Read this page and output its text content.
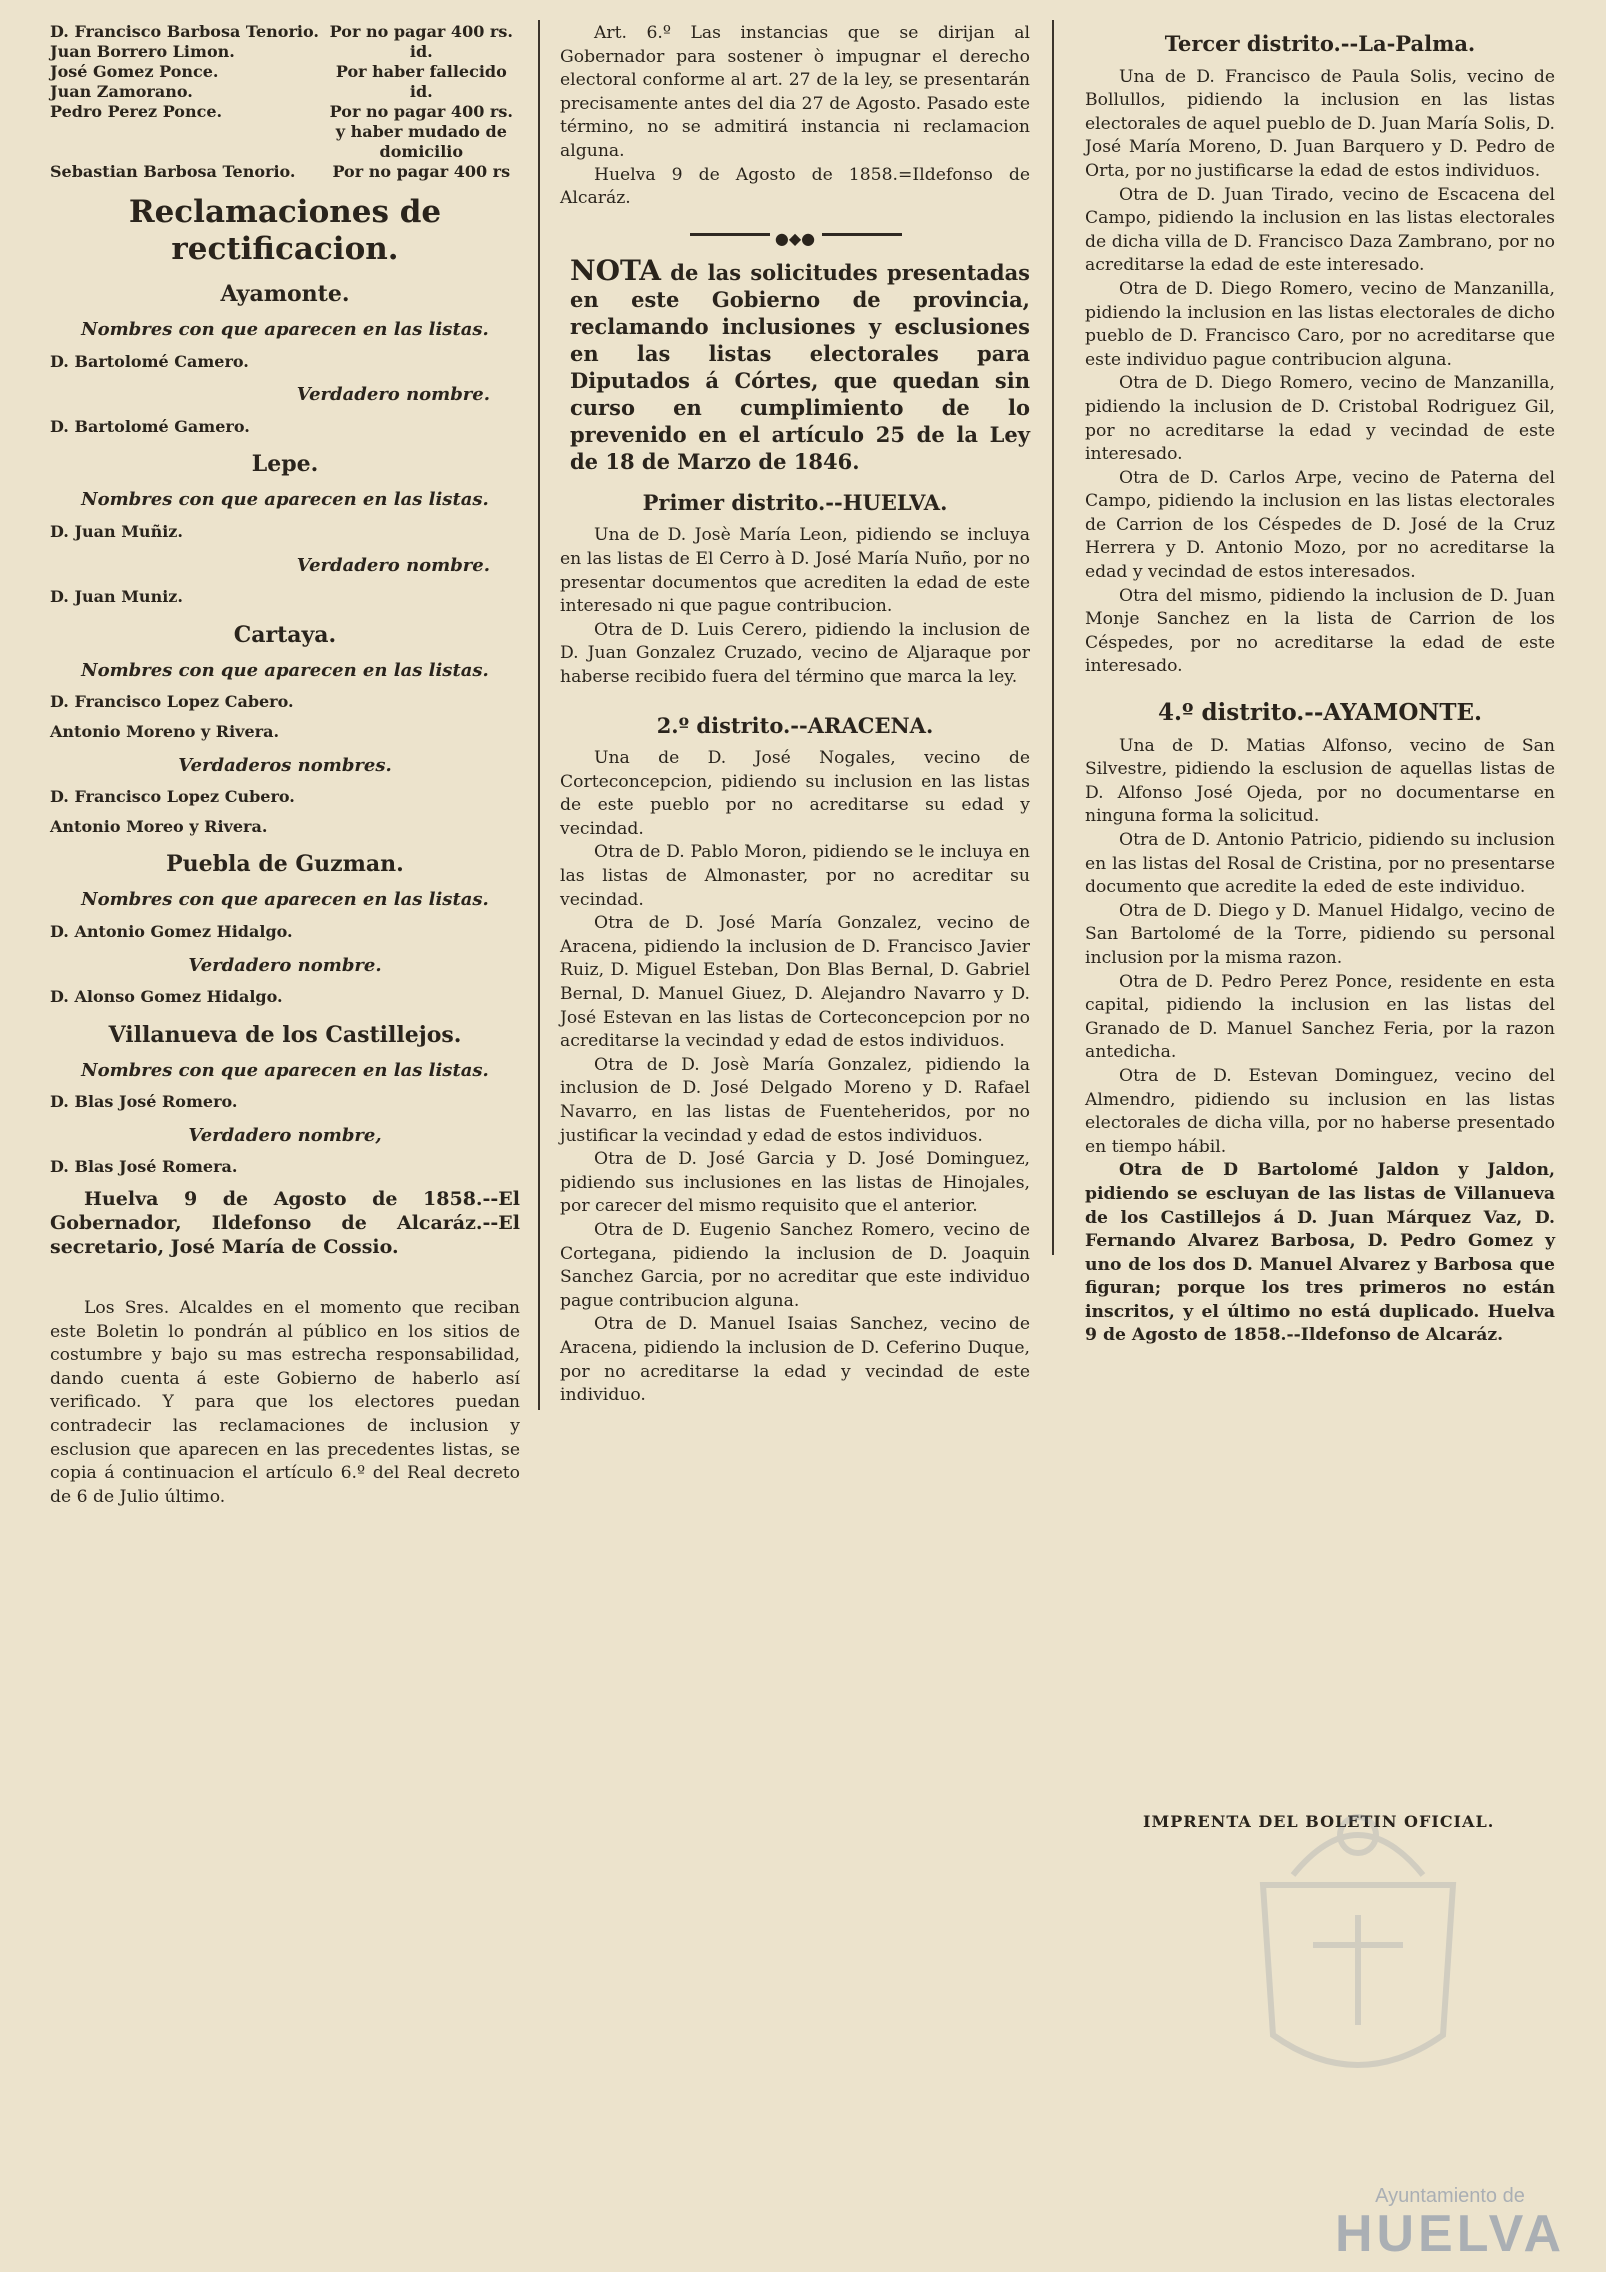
D. Francisco Barbosa Tenorio.	Por no pagar 400 rs.
Juan Borrero Limon.	id.
José Gomez Ponce.	Por haber fallecido
Juan Zamorano.	id.
Pedro Perez Ponce.	Por no pagar 400 rs. y haber mudado de domicilio
Sebastian Barbosa Tenorio.	Por no pagar 400 rs
Reclamaciones de rectificacion.
Ayamonte.
Nombres con que aparecen en las listas.
D. Bartolomé Camero.
Verdadero nombre.
D. Bartolomé Gamero.
Lepe.
Nombres con que aparecen en las listas.
D. Juan Muñiz.
Verdadero nombre.
D. Juan Muniz.
Cartaya.
Nombres con que aparecen en las listas.
D. Francisco Lopez Cabero.
Antonio Moreno y Rivera.
Verdaderos nombres.
D. Francisco Lopez Cubero.
Antonio Moreo y Rivera.
Puebla de Guzman.
Nombres con que aparecen en las listas.
D. Antonio Gomez Hidalgo.
Verdadero nombre.
D. Alonso Gomez Hidalgo.
Villanueva de los Castillejos.
Nombres con que aparecen en las listas.
D. Blas José Romero.
Verdadero nombre,
D. Blas José Romera.

Huelva 9 de Agosto de 1858.--El Gobernador, Ildefonso de Alcaráz.--El secretario, José María de Cossio.

Los Sres. Alcaldes en el momento que reciban este Boletin lo pondrán al público en los sitios de costumbre y bajo su mas estrecha responsabilidad, dando cuenta á este Gobierno de haberlo así verificado. Y para que los electores puedan contradecir las reclamaciones de inclusion y esclusion que aparecen en las precedentes listas, se copia á continuacion el artículo 6.º del Real decreto de 6 de Julio último.

Art. 6.º Las instancias que se dirijan al Gobernador para sostener ò impugnar el derecho electoral conforme al art. 27 de la ley, se presentarán precisamente antes del dia 27 de Agosto. Pasado este término, no se admitirá instancia ni reclamacion alguna.

Huelva 9 de Agosto de 1858.=Ildefonso de Alcaráz.

●◆●

NOTA de las solicitudes presentadas en este Gobierno de provincia, reclamando inclusiones y esclusiones en las listas electorales para Diputados á Córtes, que quedan sin curso en cumplimiento de lo prevenido en el artículo 25 de la Ley de 18 de Marzo de 1846.

Primer distrito.--HUELVA.

Una de D. Josè María Leon, pidiendo se incluya en las listas de El Cerro à D. José María Nuño, por no presentar documentos que acrediten la edad de este interesado ni que pague contribucion.

Otra de D. Luis Cerero, pidiendo la inclusion de D. Juan Gonzalez Cruzado, vecino de Aljaraque por haberse recibido fuera del término que marca la ley.

2.º distrito.--ARACENA.

Una de D. José Nogales, vecino de Corteconcepcion, pidiendo su inclusion en las listas de este pueblo por no acreditarse su edad y vecindad.

Otra de D. Pablo Moron, pidiendo se le incluya en las listas de Almonaster, por no acreditar su vecindad.

Otra de D. José María Gonzalez, vecino de Aracena, pidiendo la inclusion de D. Francisco Javier Ruiz, D. Miguel Esteban, Don Blas Bernal, D. Gabriel Bernal, D. Manuel Giuez, D. Alejandro Navarro y D. José Estevan en las listas de Corteconcepcion por no acreditarse la vecindad y edad de estos individuos.

Otra de D. Josè María Gonzalez, pidiendo la inclusion de D. José Delgado Moreno y D. Rafael Navarro, en las listas de Fuenteheridos, por no justificar la vecindad y edad de estos individuos.

Otra de D. José Garcia y D. José Dominguez, pidiendo sus inclusiones en las listas de Hinojales, por carecer del mismo requisito que el anterior.

Otra de D. Eugenio Sanchez Romero, vecino de Cortegana, pidiendo la inclusion de D. Joaquin Sanchez Garcia, por no acreditar que este individuo pague contribucion alguna.

Otra de D. Manuel Isaias Sanchez, vecino de Aracena, pidiendo la inclusion de D. Ceferino Duque, por no acreditarse la edad y vecindad de este individuo.

Tercer distrito.--La-Palma.

Una de D. Francisco de Paula Solis, vecino de Bollullos, pidiendo la inclusion en las listas electorales de aquel pueblo de D. Juan María Solis, D. José María Moreno, D. Juan Barquero y D. Pedro de Orta, por no justificarse la edad de estos individuos.

Otra de D. Juan Tirado, vecino de Escacena del Campo, pidiendo la inclusion en las listas electorales de dicha villa de D. Francisco Daza Zambrano, por no acreditarse la edad de este interesado.

Otra de D. Diego Romero, vecino de Manzanilla, pidiendo la inclusion en las listas electorales de dicho pueblo de D. Francisco Caro, por no acreditarse que este individuo pague contribucion alguna.

Otra de D. Diego Romero, vecino de Manzanilla, pidiendo la inclusion de D. Cristobal Rodriguez Gil, por no acreditarse la edad y vecindad de este interesado.

Otra de D. Carlos Arpe, vecino de Paterna del Campo, pidiendo la inclusion en las listas electorales de Carrion de los Céspedes de D. José de la Cruz Herrera y D. Antonio Mozo, por no acreditarse la edad y vecindad de estos interesados.

Otra del mismo, pidiendo la inclusion de D. Juan Monje Sanchez en la lista de Carrion de los Céspedes, por no acreditarse la edad de este interesado.

4.º distrito.--AYAMONTE.

Una de D. Matias Alfonso, vecino de San Silvestre, pidiendo la esclusion de aquellas listas de D. Alfonso José Ojeda, por no documentarse en ninguna forma la solicitud.

Otra de D. Antonio Patricio, pidiendo su inclusion en las listas del Rosal de Cristina, por no presentarse documento que acredite la eded de este individuo.

Otra de D. Diego y D. Manuel Hidalgo, vecino de San Bartolomé de la Torre, pidiendo su personal inclusion por la misma razon.

Otra de D. Pedro Perez Ponce, residente en esta capital, pidiendo la inclusion en las listas del Granado de D. Manuel Sanchez Feria, por la razon antedicha.

Otra de D. Estevan Dominguez, vecino del Almendro, pidiendo su inclusion en las listas electorales de dicha villa, por no haberse presentado en tiempo hábil.

Otra de D Bartolomé Jaldon y Jaldon, pidiendo se escluyan de las listas de Villanueva de los Castillejos á D. Juan Márquez Vaz, D. Fernando Alvarez Barbosa, D. Pedro Gomez y uno de los dos D. Manuel Alvarez y Barbosa que figuran; porque los tres primeros no están inscritos, y el último no está duplicado. Huelva 9 de Agosto de 1858.--Ildefonso de Alcaráz.

IMPRENTA DEL BOLETIN OFICIAL.
Ayuntamiento de
HUELVA
